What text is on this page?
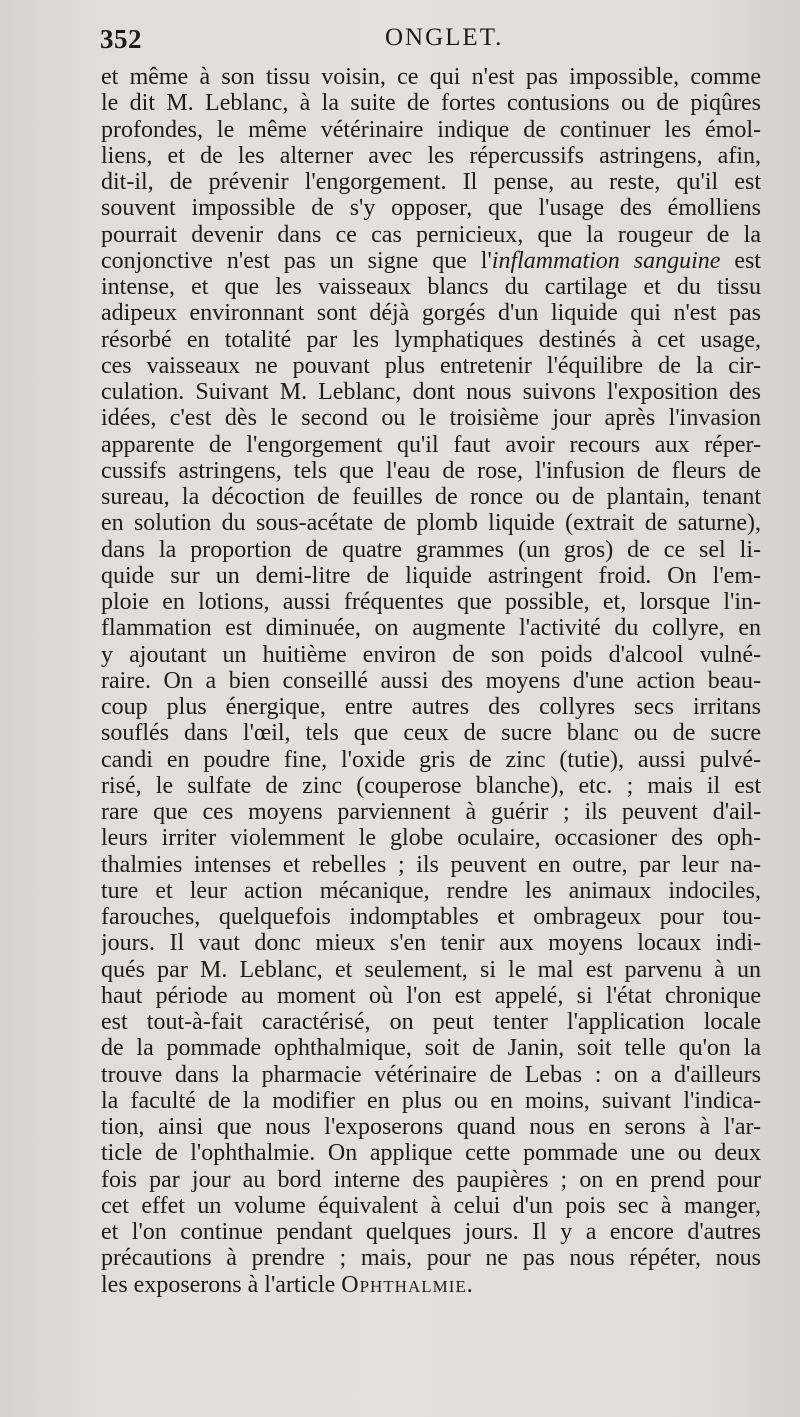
352	ONGLET.
et même à son tissu voisin, ce qui n'est pas impossible, comme
le dit M. Leblanc, à la suite de fortes contusions ou de piqûres
profondes, le même vétérinaire indique de continuer les émol-
liens, et de les alterner avec les répercussifs astringens, afin,
dit-il, de prévenir l'engorgement. Il pense, au reste, qu'il est
souvent impossible de s'y opposer, que l'usage des émolliens
pourrait devenir dans ce cas pernicieux, que la rougeur de la
conjonctive n'est pas un signe que l'inflammation sanguine est
intense, et que les vaisseaux blancs du cartilage et du tissu
adipeux environnant sont déjà gorgés d'un liquide qui n'est pas
résorbé en totalité par les lymphatiques destinés à cet usage,
ces vaisseaux ne pouvant plus entretenir l'équilibre de la cir-
culation. Suivant M. Leblanc, dont nous suivons l'exposition des
idées, c'est dès le second ou le troisième jour après l'invasion
apparente de l'engorgement qu'il faut avoir recours aux réper-
cussifs astringens, tels que l'eau de rose, l'infusion de fleurs de
sureau, la décoction de feuilles de ronce ou de plantain, tenant
en solution du sous-acétate de plomb liquide (extrait de saturne),
dans la proportion de quatre grammes (un gros) de ce sel li-
quide sur un demi-litre de liquide astringent froid. On l'em-
ploie en lotions, aussi fréquentes que possible, et, lorsque l'in-
flammation est diminuée, on augmente l'activité du collyre, en
y ajoutant un huitième environ de son poids d'alcool vulné-
raire. On a bien conseillé aussi des moyens d'une action beau-
coup plus énergique, entre autres des collyres secs irritans
souflés dans l'œil, tels que ceux de sucre blanc ou de sucre
candi en poudre fine, l'oxide gris de zinc (tutie), aussi pulvé-
risé, le sulfate de zinc (couperose blanche), etc. ; mais il est
rare que ces moyens parviennent à guérir ; ils peuvent d'ail-
leurs irriter violemment le globe oculaire, occasioner des oph-
thalmies intenses et rebelles ; ils peuvent en outre, par leur na-
ture et leur action mécanique, rendre les animaux indociles,
farouches, quelquefois indomptables et ombrageux pour tou-
jours. Il vaut donc mieux s'en tenir aux moyens locaux indi-
qués par M. Leblanc, et seulement, si le mal est parvenu à un
haut période au moment où l'on est appelé, si l'état chronique
est tout-à-fait caractérisé, on peut tenter l'application locale
de la pommade ophthalmique, soit de Janin, soit telle qu'on la
trouve dans la pharmacie vétérinaire de Lebas : on a d'ailleurs
la faculté de la modifier en plus ou en moins, suivant l'indica-
tion, ainsi que nous l'exposerons quand nous en serons à l'ar-
ticle de l'ophthalmie. On applique cette pommade une ou deux
fois par jour au bord interne des paupières ; on en prend pour
cet effet un volume équivalent à celui d'un pois sec à manger,
et l'on continue pendant quelques jours. Il y a encore d'autres
précautions à prendre ; mais, pour ne pas nous répéter, nous
les exposerons à l'article Ophthalmie.
